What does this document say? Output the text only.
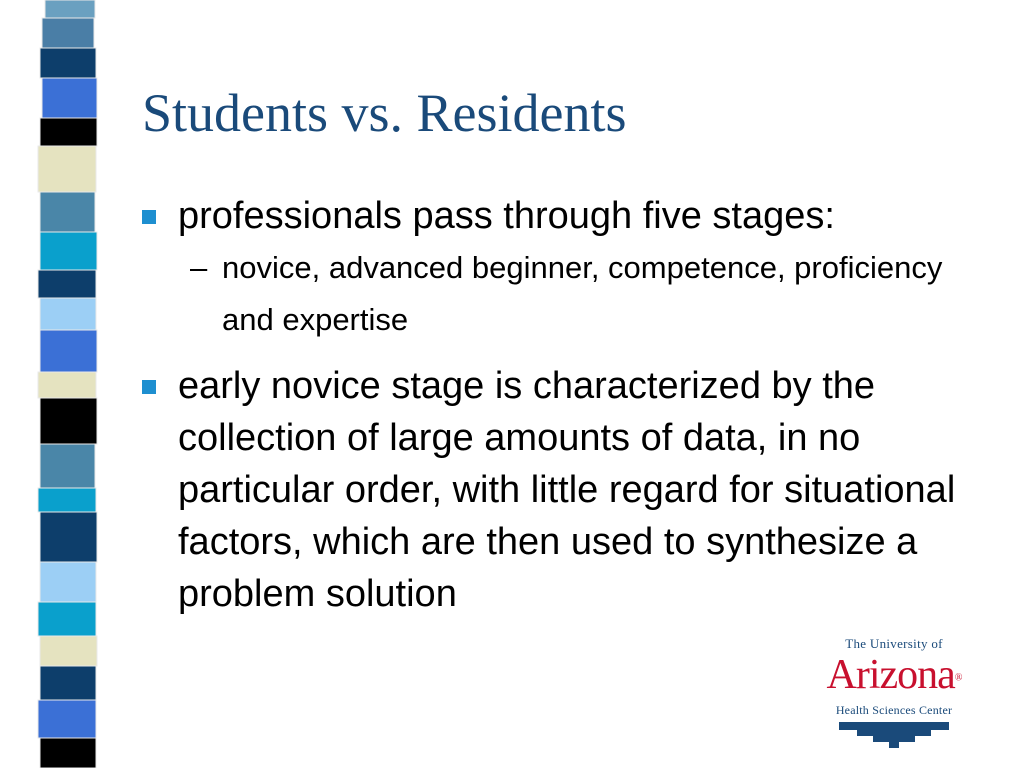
Students vs. Residents
professionals pass through five stages:
– novice, advanced beginner, competence, proficiency and expertise
early novice stage is characterized by the collection of large amounts of data, in no particular order, with little regard for situational factors, which are then used to synthesize a problem solution
The University of
Arizona®
Health Sciences Center
